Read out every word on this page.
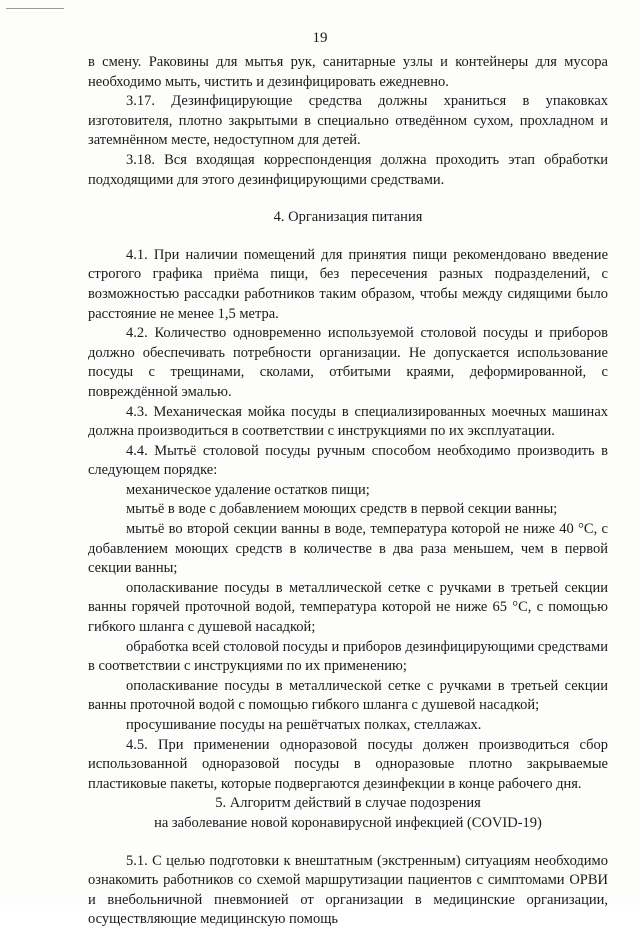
19

в смену. Раковины для мытья рук, санитарные узлы и контейнеры для мусора необходимо мыть, чистить и дезинфицировать ежедневно.

3.17. Дезинфицирующие средства должны храниться в упаковках изготовителя, плотно закрытыми в специально отведённом сухом, прохладном и затемнённом месте, недоступном для детей.

3.18. Вся входящая корреспонденция должна проходить этап обработки подходящими для этого дезинфицирующими средствами.

4. Организация питания

4.1. При наличии помещений для принятия пищи рекомендовано введение строгого графика приёма пищи, без пересечения разных подразделений, с возможностью рассадки работников таким образом, чтобы между сидящими было расстояние не менее 1,5 метра.

4.2. Количество одновременно используемой столовой посуды и приборов должно обеспечивать потребности организации. Не допускается использование посуды с трещинами, сколами, отбитыми краями, деформированной, с повреждённой эмалью.

4.3. Механическая мойка посуды в специализированных моечных машинах должна производиться в соответствии с инструкциями по их эксплуатации.

4.4. Мытьё столовой посуды ручным способом необходимо производить в следующем порядке:

механическое удаление остатков пищи;

мытьё в воде с добавлением моющих средств в первой секции ванны;

мытьё во второй секции ванны в воде, температура которой не ниже 40 °С, с добавлением моющих средств в количестве в два раза меньшем, чем в первой секции ванны;

ополаскивание посуды в металлической сетке с ручками в третьей секции ванны горячей проточной водой, температура которой не ниже 65 °С, с помощью гибкого шланга с душевой насадкой;

обработка всей столовой посуды и приборов дезинфицирующими средствами в соответствии с инструкциями по их применению;

ополаскивание посуды в металлической сетке с ручками в третьей секции ванны проточной водой с помощью гибкого шланга с душевой насадкой;

просушивание посуды на решётчатых полках, стеллажах.

4.5. При применении одноразовой посуды должен производиться сбор использованной одноразовой посуды в одноразовые плотно закрываемые пластиковые пакеты, которые подвергаются дезинфекции в конце рабочего дня.

5. Алгоритм действий в случае подозрения

на заболевание новой коронавирусной инфекцией (COVID-19)

5.1. С целью подготовки к внештатным (экстренным) ситуациям необходимо ознакомить работников со схемой маршрутизации пациентов с симптомами ОРВИ и внебольничной пневмонией от организации в медицинские организации, осуществляющие медицинскую помощь
